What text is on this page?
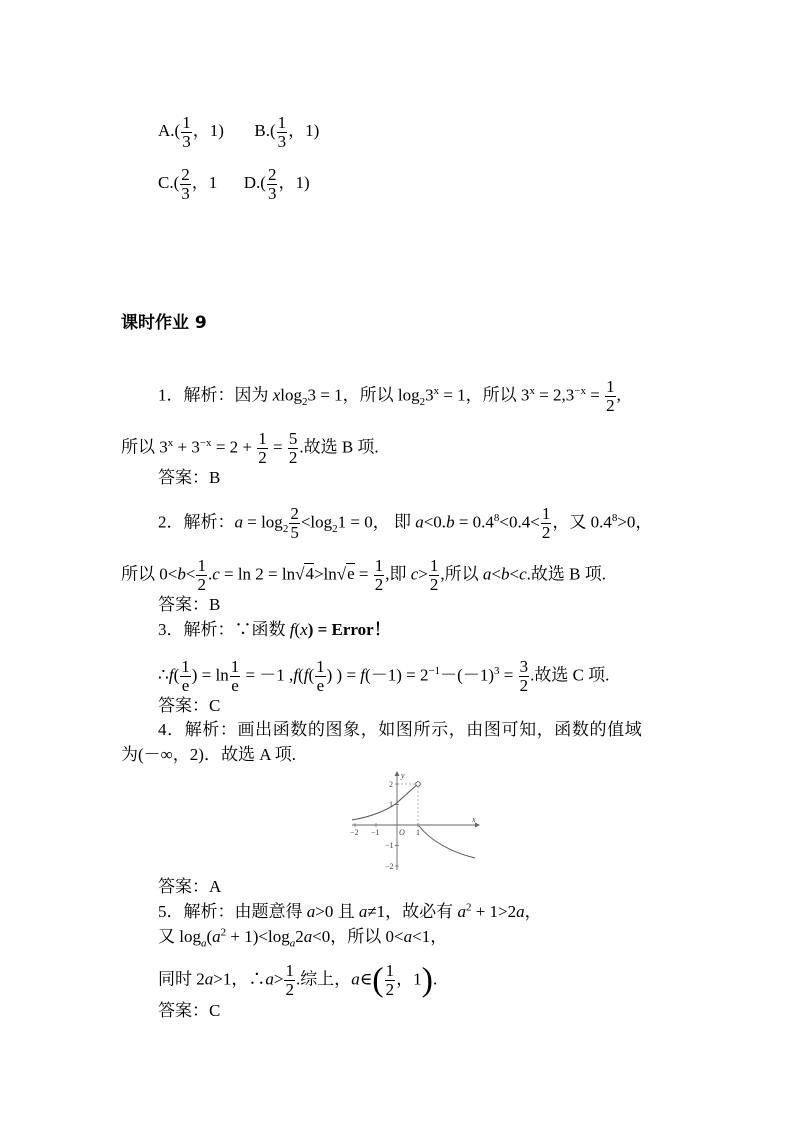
$A.( \frac{1}{3}$ ，1) $B.( \frac{1}{3}$ ，1)
$C.( \frac{2}{3}$ ，1 $D.( \frac{2}{3}$ ，1)
课时作业 9
1．解析：因为 xlog$_2$3 = 1，所以 $\log_23^x = 1$，所以 $3^x = 2,3^{-x} = \frac{1}{2}$ ,
所以 $3^x + 3^{-x} = 2 + \frac{1}{2} = \frac{5}{2}$ .故选 B 项.
答案：B
2．解析：$a = \log_2 \frac{2}{5} <\log_21 = 0$， 即 $a<0.b = 0.4^8<0.4< \frac{1}{2}$ ，又 $0.4^8>0$，
所以 $0<b< \frac{1}{2} .c = \ln 2 = \ln√4>\ln√e = \frac{1}{2}$ ,即 $c> \frac{1}{2}$ ,所以 a<b<c.故选 B 项.
答案：B
3．解析：∵函数 f(x) = Error！
∴f( $\frac{1}{e}$ ) = $\ln \frac{1}{e} = -1$ $,f(f( \frac{1}{e}$ ) ) = $f(-1) = 2^{-1}-(-1)^3 = \frac{3}{2}$ .故选 C 项.
答案：C
4．解析：画出函数的图象，如图所示，由图可知，函数的值域
为(－∞，2)．故选 A 项.
y
x
O
−2 −1	1
2
1
−1
−2
答案：A
5．解析：由题意得 a>0 且 a≠1，故必有 $a^2 + 1>2a$，
又 $\log_a(a^2 + 1)<\log_a2a<0$，所以 0<a<1，
同时 2a>1，∴a> $\frac{1}{2}$ .综上，a∈( $\frac{1}{2}$ ，1).
答案：C
